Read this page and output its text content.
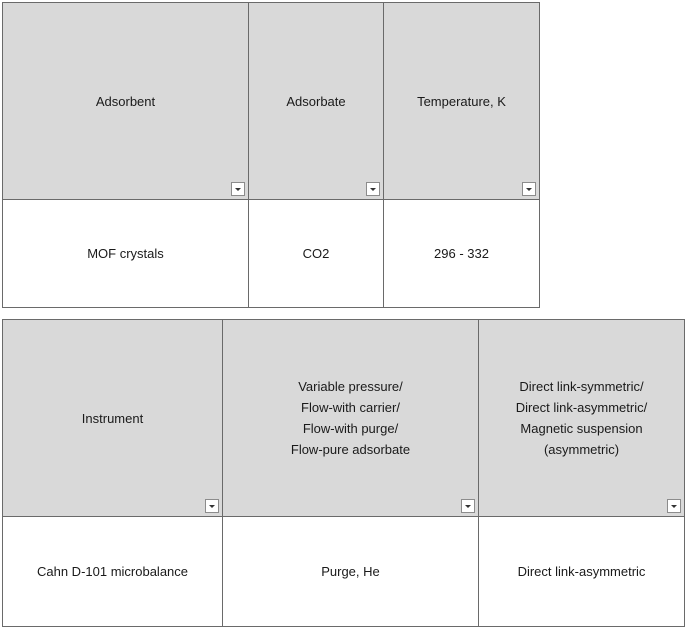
Adsorbent	Adsorbate	Temperature, K

MOF crystals	CO2	296 - 332
Instrument	Variable pressure/
Flow-with carrier/
Flow-with purge/
Flow-pure adsorbate	Direct link-symmetric/
Direct link-asymmetric/
Magnetic suspension
(asymmetric)

Cahn D-101 microbalance	Purge, He	Direct link-asymmetric
